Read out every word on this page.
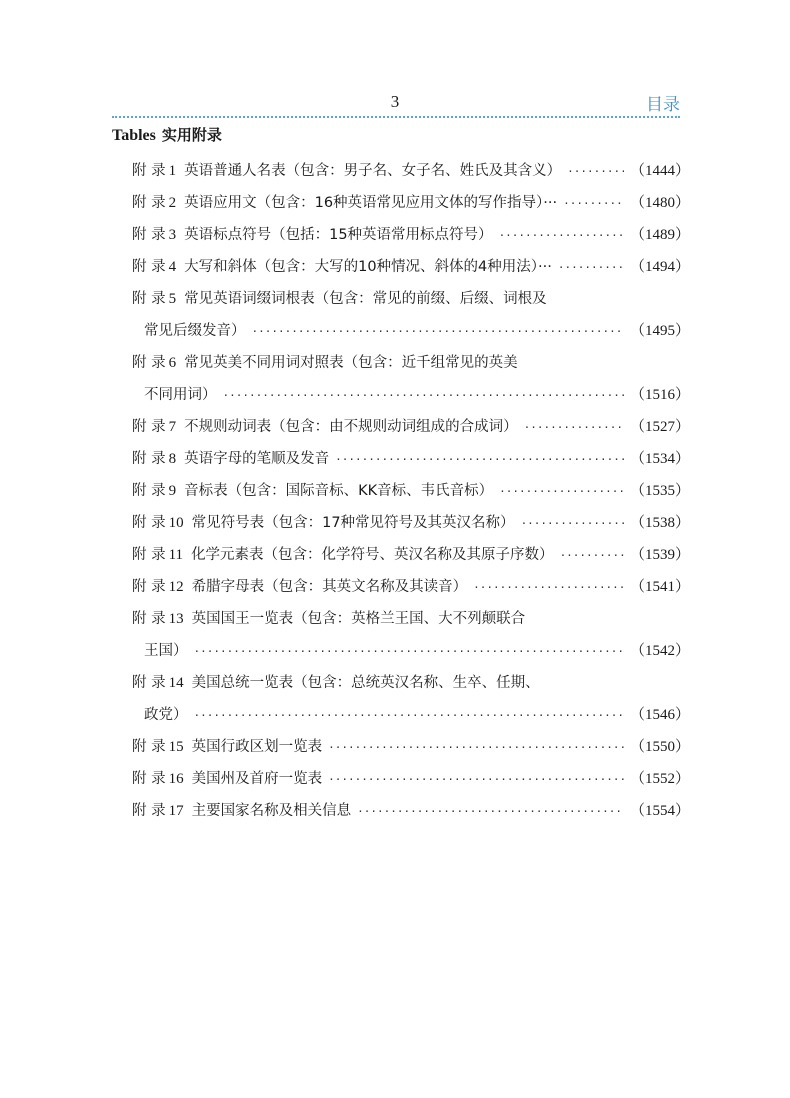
3	目录
Tables 实用附录
附 录 1 英语普通人名表（包含：男子名、女子名、姓氏及其含义） ·····	（1444）
附 录 2 英语应用文（包含：16种英语常见应用文体的写作指导）··· ·····	（1480）
附 录 3 英语标点符号（包括：15种英语常用标点符号） ·····	（1489）
附 录 4 大写和斜体（包含：大写的10种情况、斜体的4种用法）··· ·····	（1494）
附 录 5 常见英语词缀词根表（包含：常见的前缀、后缀、词根及
常见后缀发音） ·····	（1495）
附 录 6 常见英美不同用词对照表（包含：近千组常见的英美
不同用词） ·····	（1516）
附 录 7 不规则动词表（包含：由不规则动词组成的合成词） ·····	（1527）
附 录 8 英语字母的笔顺及发音 ·····	（1534）
附 录 9 音标表（包含：国际音标、KK音标、韦氏音标） ·····	（1535）
附 录 10 常见符号表（包含：17种常见符号及其英汉名称） ·····	（1538）
附 录 11 化学元素表（包含：化学符号、英汉名称及其原子序数） ·····	（1539）
附 录 12 希腊字母表（包含：其英文名称及其读音） ·····	（1541）
附 录 13 英国国王一览表（包含：英格兰王国、大不列颠联合
王国） ·····	（1542）
附 录 14 美国总统一览表（包含：总统英汉名称、生卒、任期、
政党） ·····	（1546）
附 录 15 英国行政区划一览表 ·····	（1550）
附 录 16 美国州及首府一览表 ·····	（1552）
附 录 17 主要国家名称及相关信息 ·····	（1554）
